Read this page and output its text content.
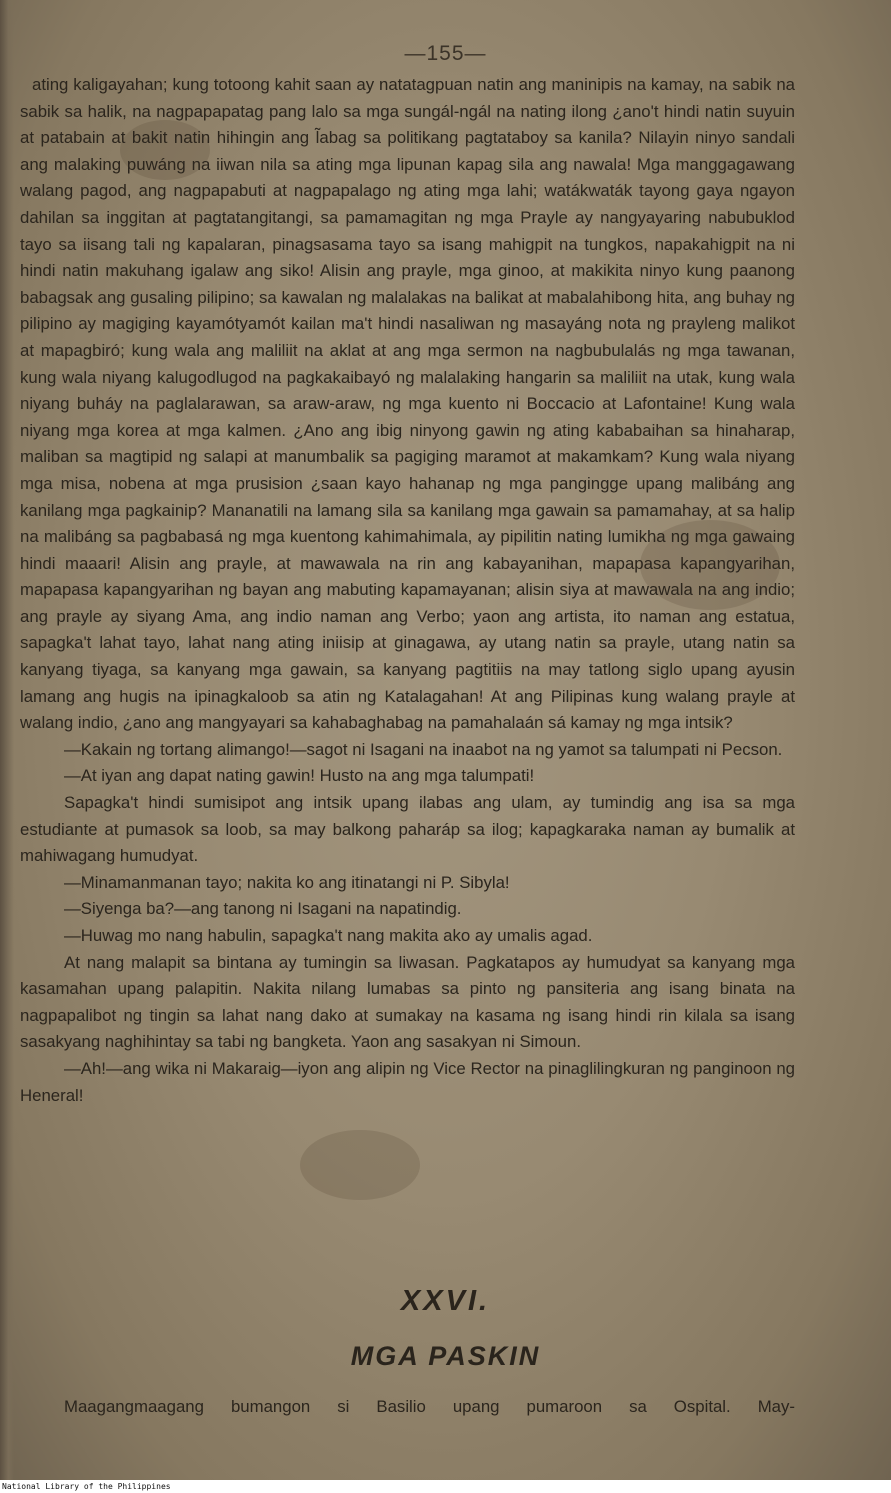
—155—

ating kaligayahan; kung totoong kahit saan ay natatagpuan natin ang maninipis na kamay, na sabik na sabik sa halik, na nagpapapatag pang lalo sa mga sungál-ngál na nating ilong ¿ano't hindi natin suyuin at patabain at bakit natin hihingin ang l̃abag sa politikang pagtataboy sa kanila? Nilayin ninyo sandali ang malaking puwáng na iiwan nila sa ating mga lipunan kapag sila ang nawala! Mga manggagawang walang pagod, ang nagpapabuti at nagpapalago ng ating mga lahi; watákwaták tayong gaya ngayon dahilan sa inggitan at pagtatangitangi, sa pamamagitan ng mga Prayle ay nangyayaring nabubuklod tayo sa iisang tali ng kapalaran, pinagsasama tayo sa isang mahigpit na tungkos, napakahigpit na ni hindi natin makuhang igalaw ang siko! Alisin ang prayle, mga ginoo, at makikita ninyo kung paanong babagsak ang gusaling pilipino; sa kawalan ng malalakas na balikat at mabalahibong hita, ang buhay ng pilipino ay magiging kayamótyamót kailan ma't hindi nasaliwan ng masayáng nota ng prayleng malikot at mapagbiró; kung wala ang maliliit na aklat at ang mga sermon na nagbubulalás ng mga tawanan, kung wala niyang kalugodlugod na pagkakaibayó ng malalaking hangarin sa maliliit na utak, kung wala niyang buháy na paglalarawan, sa araw-araw, ng mga kuento ni Boccacio at Lafontaine! Kung wala niyang mga korea at mga kalmen. ¿Ano ang ibig ninyong gawin ng ating kababaihan sa hinaharap, maliban sa magtipid ng salapi at manumbalik sa pagiging maramot at makamkam? Kung wala niyang mga misa, nobena at mga prusision ¿saan kayo hahanap ng mga pangingge upang malibáng ang kanilang mga pagkainip? Mananatili na lamang sila sa kanilang mga gawain sa pamamahay, at sa halip na malibáng sa pagbabasá ng mga kuentong kahimahimala, ay pipilitin nating lumikha ng mga gawaing hindi maaari! Alisin ang prayle, at mawawala na rin ang kabayanihan, mapapasa kapangyarihan, mapapasa kapangyarihan ng bayan ang mabuting kapamayanan; alisin siya at mawawala na ang indio; ang prayle ay siyang Ama, ang indio naman ang Verbo; yaon ang artista, ito naman ang estatua, sapagka't lahat tayo, lahat nang ating iniisip at ginagawa, ay utang natin sa prayle, utang natin sa kanyang tiyaga, sa kanyang mga gawain, sa kanyang pagtitiis na may tatlong siglo upang ayusin lamang ang hugis na ipinagkaloob sa atin ng Katalagahan! At ang Pilipinas kung walang prayle at walang indio, ¿ano ang mangyayari sa kahabaghabag na pamahalaán sá kamay ng mga intsik?

—Kakain ng tortang alimango!—sagot ni Isagani na inaabot na ng yamot sa talumpati ni Pecson.

—At iyan ang dapat nating gawin! Husto na ang mga talumpati!

Sapagka't hindi sumisipot ang intsik upang ilabas ang ulam, ay tumindig ang isa sa mga estudiante at pumasok sa loob, sa may balkong paharáp sa ilog; kapagkaraka naman ay bumalik at mahiwagang humudyat.

—Minamanmanan tayo; nakita ko ang itinatangi ni P. Sibyla!

—Siyenga ba?—ang tanong ni Isagani na napatindig.

—Huwag mo nang habulin, sapagka't nang makita ako ay umalis agad.

At nang malapit sa bintana ay tumingin sa liwasan. Pagkatapos ay humudyat sa kanyang mga kasamahan upang palapitin. Nakita nilang lumabas sa pinto ng pansiteria ang isang binata na nagpapalibot ng tingin sa lahat nang dako at sumakay na kasama ng isang hindi rin kilala sa isang sasakyang naghihintay sa tabi ng bangketa. Yaon ang sasakyan ni Simoun.

—Ah!—ang wika ni Makaraig—iyon ang alipin ng Vice Rector na pinaglilingkuran ng panginoon ng Heneral!

XXVI.
MGA PASKIN
Maagangmaagang bumangon si Basilio upang pumaroon sa Ospital. May-
National Library of the Philippines
